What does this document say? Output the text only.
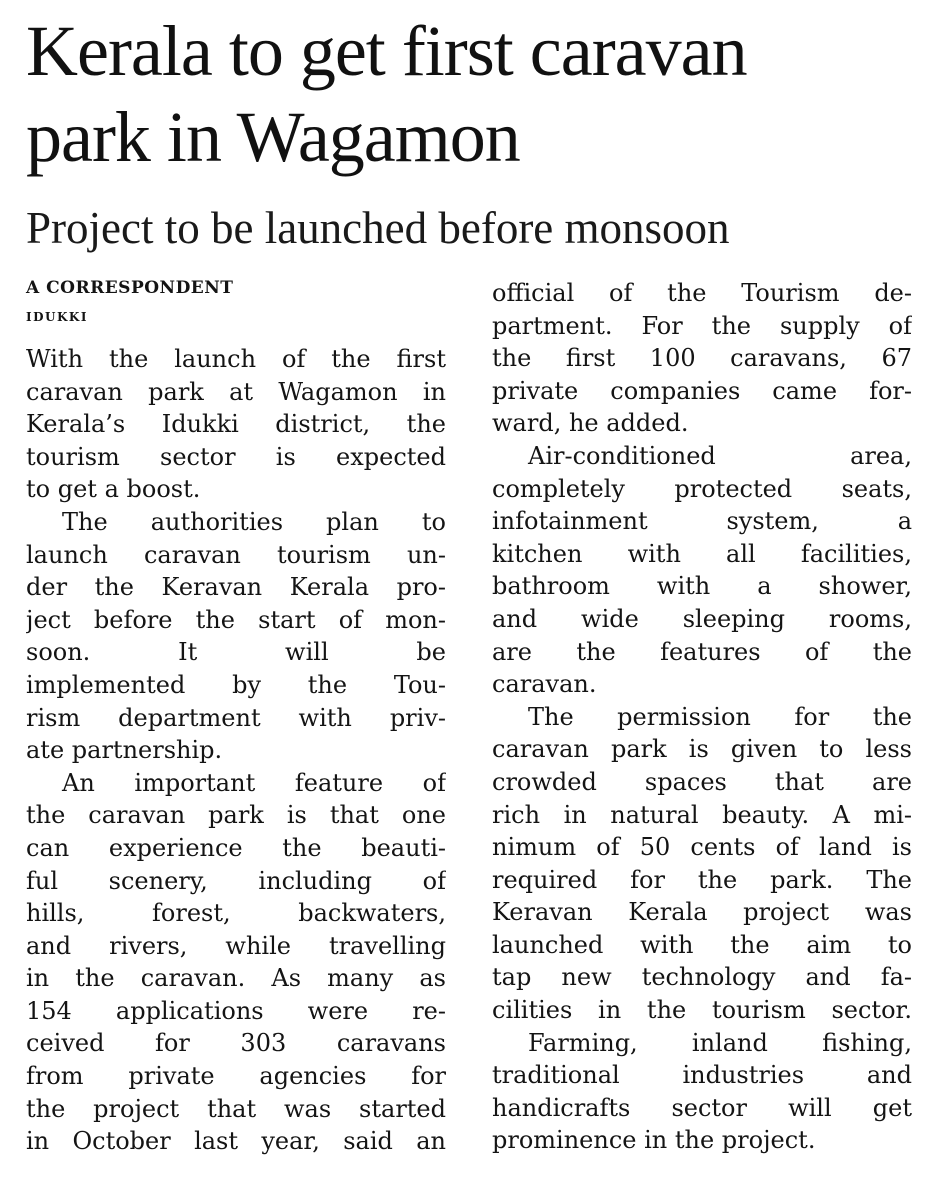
Kerala to get first caravan
park in Wagamon
Project to be launched before monsoon
A CORRESPONDENT
IDUKKI
With the launch of the first
caravan park at Wagamon in
Kerala’s Idukki district, the
tourism sector is expected
to get a boost.
The authorities plan to
launch caravan tourism un-
der the Keravan Kerala pro-
ject before the start of mon-
soon. It will be
implemented by the Tou-
rism department with priv-
ate partnership.
An important feature of
the caravan park is that one
can experience the beauti-
ful scenery, including of
hills, forest, backwaters,
and rivers, while travelling
in the caravan. As many as
154 applications were re-
ceived for 303 caravans
from private agencies for
the project that was started
in October last year, said an
official of the Tourism de-
partment. For the supply of
the first 100 caravans, 67
private companies came for-
ward, he added.
Air-conditioned area,
completely protected seats,
infotainment system, a
kitchen with all facilities,
bathroom with a shower,
and wide sleeping rooms,
are the features of the
caravan.
The permission for the
caravan park is given to less
crowded spaces that are
rich in natural beauty. A mi-
nimum of 50 cents of land is
required for the park. The
Keravan Kerala project was
launched with the aim to
tap new technology and fa-
cilities in the tourism sector.
Farming, inland fishing,
traditional industries and
handicrafts sector will get
prominence in the project.
